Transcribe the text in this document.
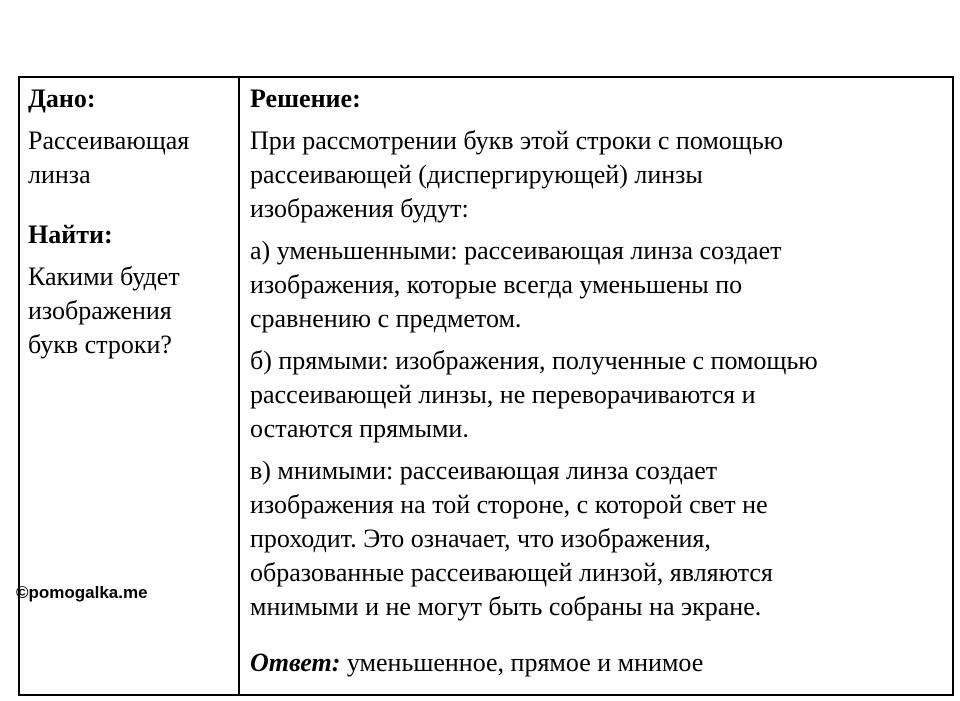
Дано:

Рассеивающая

линза

Найти:

Какими будет

изображения

букв строки?

Решение:

При рассмотрении букв этой строки с помощью

рассеивающей (диспергирующей) линзы

изображения будут:

а) уменьшенными: рассеивающая линза создает

изображения, которые всегда уменьшены по

сравнению с предметом.

б) прямыми: изображения, полученные с помощью

рассеивающей линзы, не переворачиваются и

остаются прямыми.

в) мнимыми: рассеивающая линза создает

изображения на той стороне, с которой свет не

проходит. Это означает, что изображения,

образованные рассеивающей линзой, являются

мнимыми и не могут быть собраны на экране.

Ответ: уменьшенное, прямое и мнимое

©pomogalka.me
